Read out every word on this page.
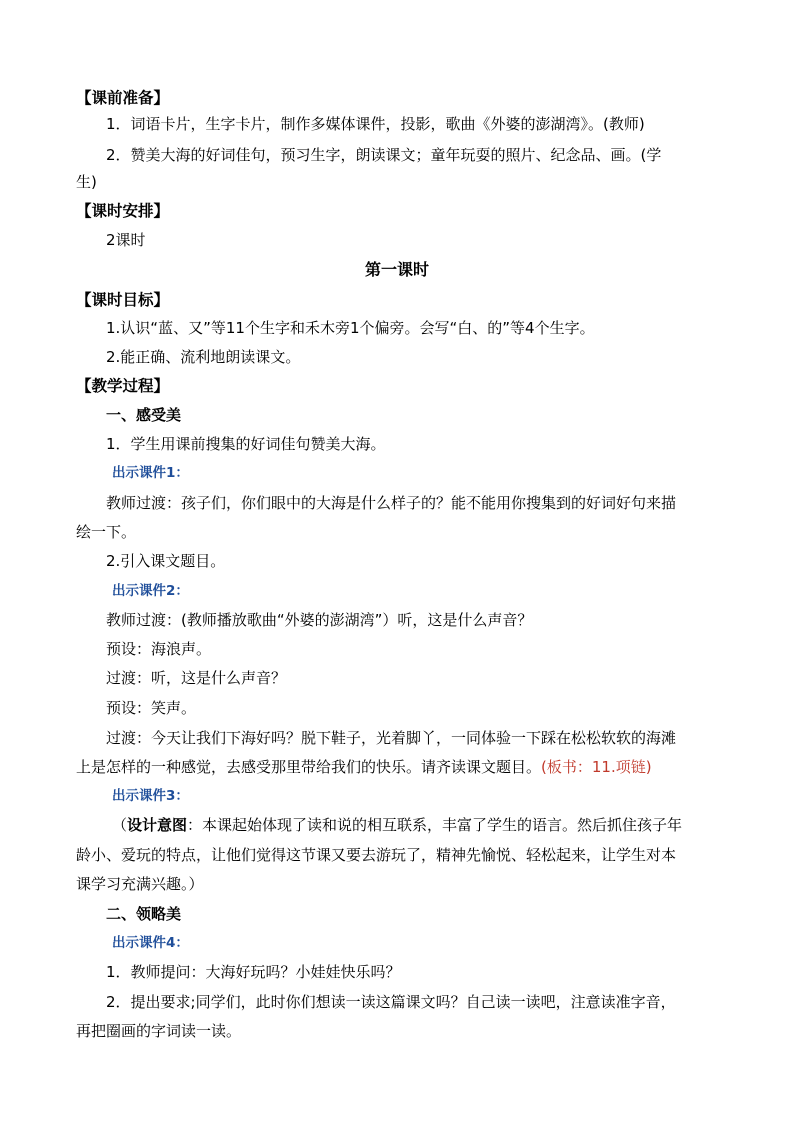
【课前准备】
1．词语卡片，生字卡片，制作多媒体课件，投影，歌曲《外婆的澎湖湾》。(教师)
2．赞美大海的好词佳句，预习生字，朗读课文；童年玩耍的照片、纪念品、画。(学
生)
【课时安排】
2课时
第一课时
【课时目标】
1.认识“蓝、又”等11个生字和禾木旁1个偏旁。会写“白、的”等4个生字。
2.能正确、流利地朗读课文。
【教学过程】
一、感受美
1．学生用课前搜集的好词佳句赞美大海。
出示课件1：
教师过渡：孩子们，你们眼中的大海是什么样子的？能不能用你搜集到的好词好句来描
绘一下。
2.引入课文题目。
出示课件2：
教师过渡：(教师播放歌曲“外婆的澎湖湾”）听，这是什么声音？
预设：海浪声。
过渡：听，这是什么声音？
预设：笑声。
过渡：今天让我们下海好吗？脱下鞋子，光着脚丫，一同体验一下踩在松松软软的海滩
上是怎样的一种感觉，去感受那里带给我们的快乐。请齐读课文题目。(板书：11.项链)
出示课件3：
（设计意图：本课起始体现了读和说的相互联系，丰富了学生的语言。然后抓住孩子年
龄小、爱玩的特点，让他们觉得这节课又要去游玩了，精神先愉悦、轻松起来，让学生对本
课学习充满兴趣。）
二、领略美
出示课件4：
1．教师提问：大海好玩吗？小娃娃快乐吗？
2．提出要求;同学们，此时你们想读一读这篇课文吗？自己读一读吧，注意读准字音，
再把圈画的字词读一读。
